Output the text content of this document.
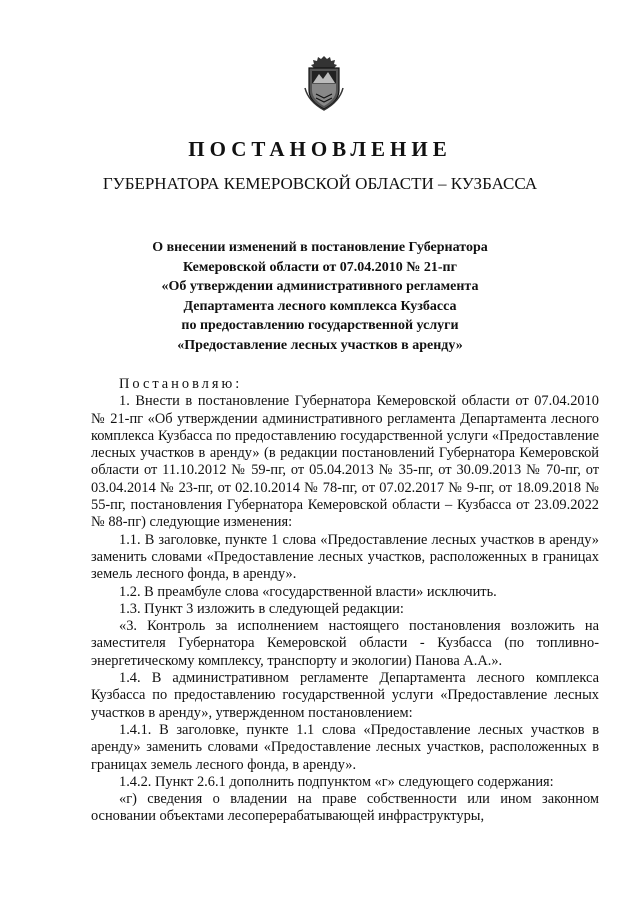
ПОСТАНОВЛЕНИЕ
ГУБЕРНАТОРА КЕМЕРОВСКОЙ ОБЛАСТИ – КУЗБАССА
О внесении изменений в постановление Губернатора
Кемеровской области от 07.04.2010 № 21-пг
«Об утверждении административного регламента
Департамента лесного комплекса Кузбасса
по предоставлению государственной услуги
«Предоставление лесных участков в аренду»

Постановляю:

1. Внести в постановление Губернатора Кемеровской области от 07.04.2010 № 21-пг «Об утверждении административного регламента Департамента лесного комплекса Кузбасса по предоставлению государственной услуги «Предоставление лесных участков в аренду» (в редакции постановлений Губернатора Кемеровской области от 11.10.2012 № 59-пг, от 05.04.2013 № 35-пг, от 30.09.2013 № 70-пг, от 03.04.2014 № 23-пг, от 02.10.2014 № 78-пг, от 07.02.2017 № 9-пг, от 18.09.2018 № 55-пг, постановления Губернатора Кемеровской области – Кузбасса от 23.09.2022 № 88-пг) следующие изменения:

1.1. В заголовке, пункте 1 слова «Предоставление лесных участков в аренду» заменить словами «Предоставление лесных участков, расположенных в границах земель лесного фонда, в аренду».

1.2. В преамбуле слова «государственной власти» исключить.

1.3. Пункт 3 изложить в следующей редакции:

«3. Контроль за исполнением настоящего постановления возложить на заместителя Губернатора Кемеровской области - Кузбасса (по топливно-энергетическому комплексу, транспорту и экологии) Панова А.А.».

1.4. В административном регламенте Департамента лесного комплекса Кузбасса по предоставлению государственной услуги «Предоставление лесных участков в аренду», утвержденном постановлением:

1.4.1. В заголовке, пункте 1.1 слова «Предоставление лесных участков в аренду» заменить словами «Предоставление лесных участков, расположенных в границах земель лесного фонда, в аренду».

1.4.2. Пункт 2.6.1 дополнить подпунктом «г» следующего содержания:

«г) сведения о владении на праве собственности или ином законном основании объектами лесоперерабатывающей инфраструктуры,
